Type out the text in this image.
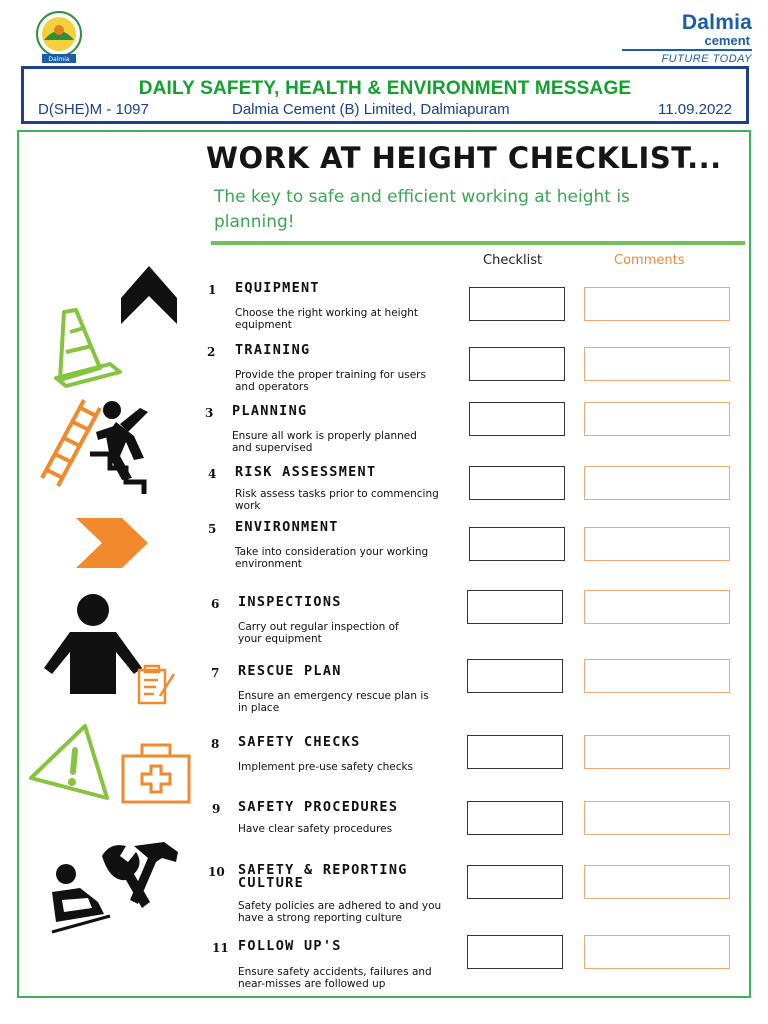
Dalmia
Dalmia
cement
FUTURE TODAY
DAILY SAFETY, HEALTH & ENVIRONMENT MESSAGE
D(SHE)M - 1097	Dalmia Cement (B) Limited, Dalmiapuram	11.09.2022
WORK AT HEIGHT CHECKLIST...
The key to safe and efficient working at height is planning!
Checklist	Comments
1 EQUIPMENT
Choose the right working at height equipment
2 TRAINING
Provide the proper training for users and operators
3 PLANNING
Ensure all work is properly planned and supervised
4 RISK ASSESSMENT
Risk assess tasks prior to commencing work
5 ENVIRONMENT
Take into consideration your working environment
6 INSPECTIONS
Carry out regular inspection of your equipment
7 RESCUE PLAN
Ensure an emergency rescue plan is in place
8 SAFETY CHECKS
Implement pre-use safety checks
9 SAFETY PROCEDURES
Have clear safety procedures
10 SAFETY & REPORTING CULTURE
Safety policies are adhered to and you have a strong reporting culture
11 FOLLOW UP'S
Ensure safety accidents, failures and near-misses are followed up
